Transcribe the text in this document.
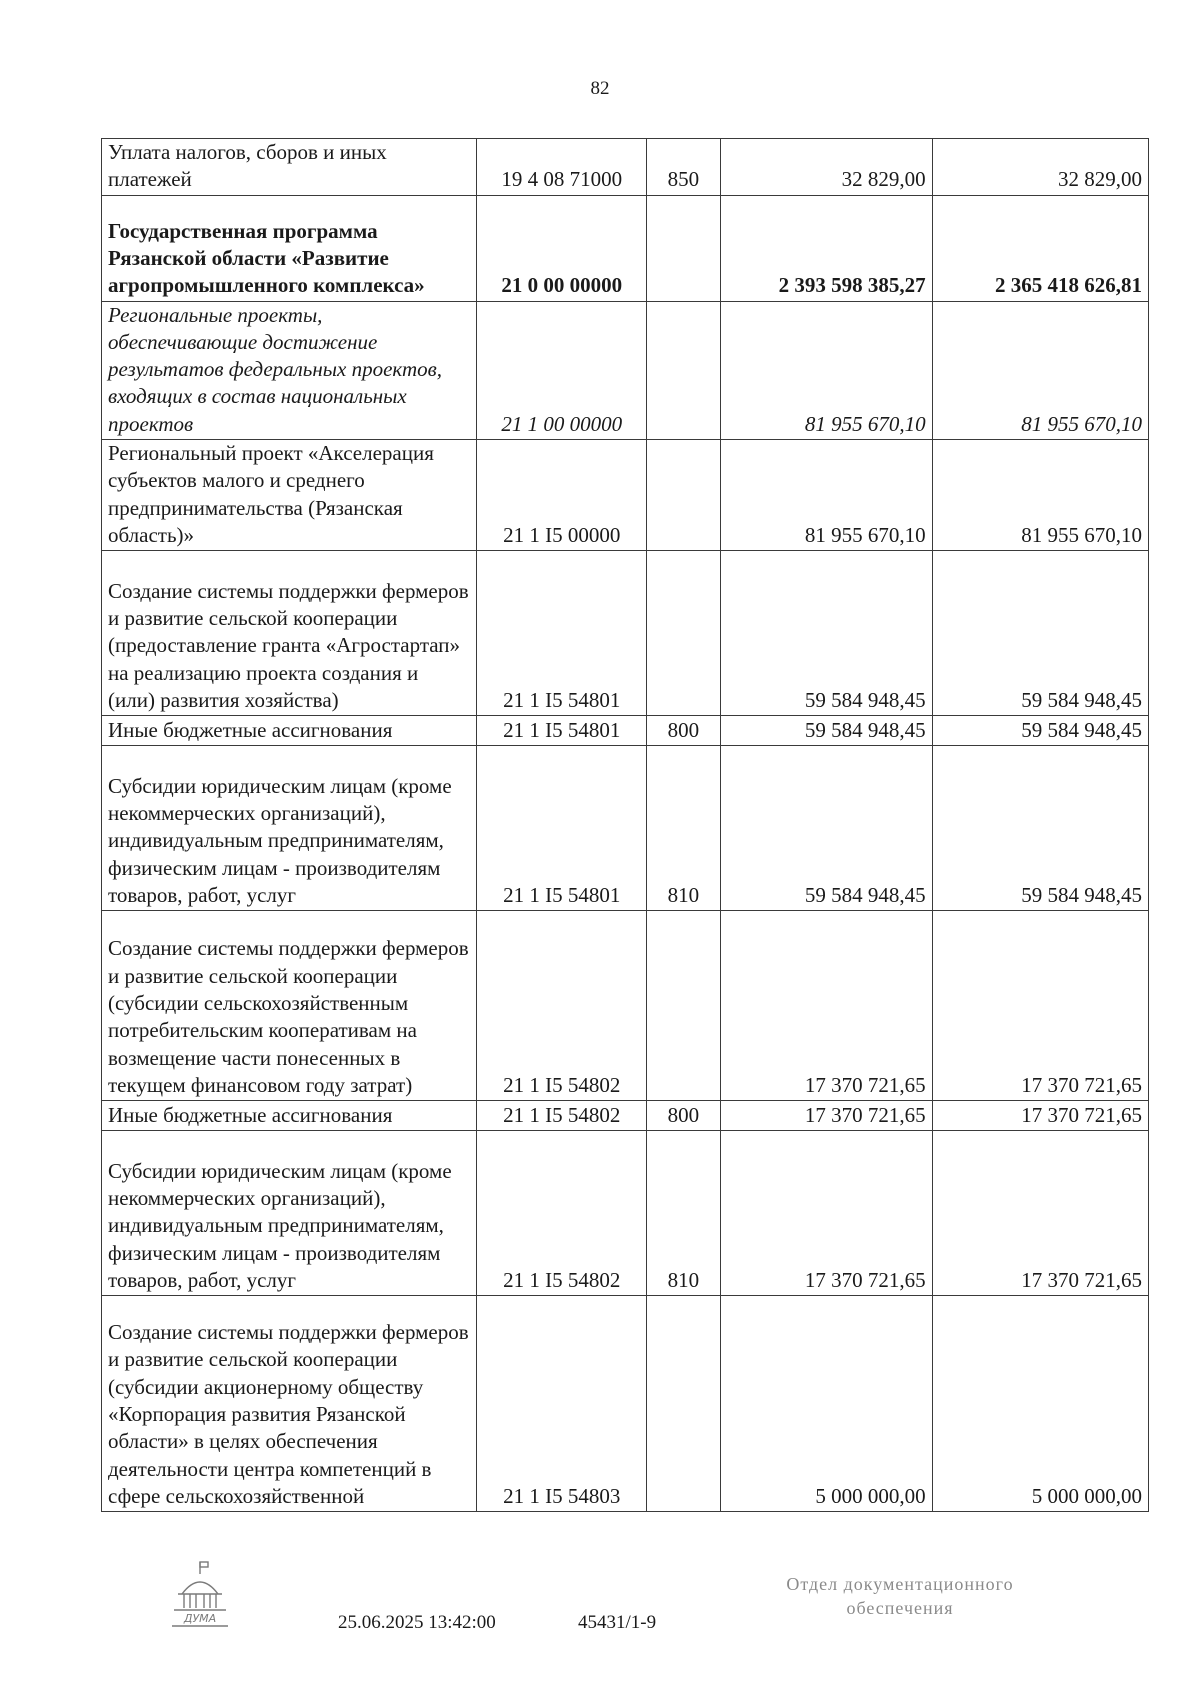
82
Уплата налогов, сборов и иных платежей	19 4 08 71000	850	32 829,00	32 829,00
Государственная программа Рязанской области «Развитие агропромышленного комплекса»	21 0 00 00000		2 393 598 385,27	2 365 418 626,81
Региональные проекты, обеспечивающие достижение результатов федеральных проектов, входящих в состав национальных проектов	21 1 00 00000		81 955 670,10	81 955 670,10
Региональный проект «Акселерация субъектов малого и среднего предпринимательства (Рязанская область)»	21 1 I5 00000		81 955 670,10	81 955 670,10
Создание системы поддержки фермеров и развитие сельской кооперации (предоставление гранта «Агростартап» на реализацию проекта создания и (или) развития хозяйства)	21 1 I5 54801		59 584 948,45	59 584 948,45
Иные бюджетные ассигнования	21 1 I5 54801	800	59 584 948,45	59 584 948,45
Субсидии юридическим лицам (кроме некоммерческих организаций), индивидуальным предпринимателям, физическим лицам - производителям товаров, работ, услуг	21 1 I5 54801	810	59 584 948,45	59 584 948,45
Создание системы поддержки фермеров и развитие сельской кооперации (субсидии сельскохозяйственным потребительским кооперативам на возмещение части понесенных в текущем финансовом году затрат)	21 1 I5 54802		17 370 721,65	17 370 721,65
Иные бюджетные ассигнования	21 1 I5 54802	800	17 370 721,65	17 370 721,65
Субсидии юридическим лицам (кроме некоммерческих организаций), индивидуальным предпринимателям, физическим лицам - производителям товаров, работ, услуг	21 1 I5 54802	810	17 370 721,65	17 370 721,65
Создание системы поддержки фермеров и развитие сельской кооперации (субсидии акционерному обществу «Корпорация развития Рязанской области» в целях обеспечения деятельности центра компетенций в сфере сельскохозяйственной	21 1 I5 54803		5 000 000,00	5 000 000,00
ДУМА	25.06.2025 13:42:00	45431/1-9
Отдел документационного
обеспечения
